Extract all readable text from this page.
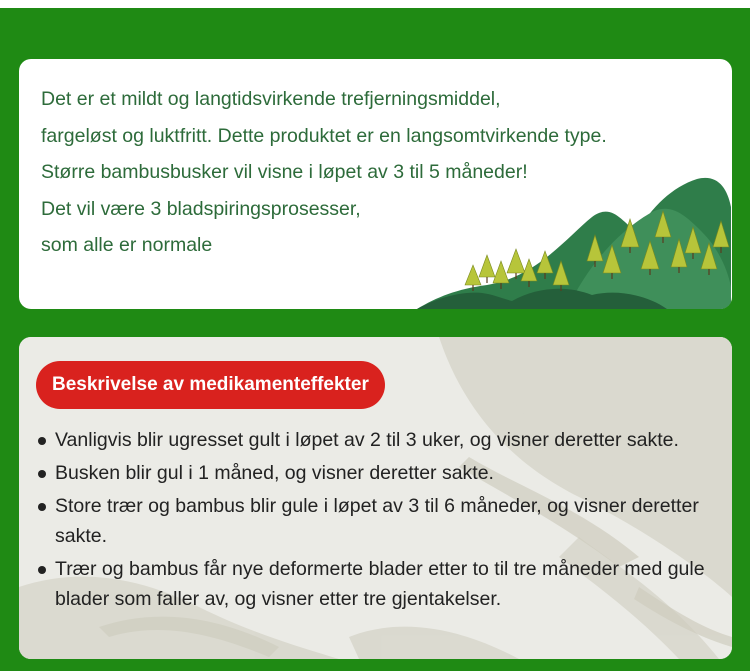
Det er et mildt og langtidsvirkende trefjerningsmiddel,
fargeløst og luktfritt. Dette produktet er en langsomtvirkende type.
Større bambusbusker vil visne i løpet av 3 til 5 måneder!
Det vil være 3 bladspiringsprosesser,
som alle er normale
Beskrivelse av medikamenteffekter
Vanligvis blir ugresset gult i løpet av 2 til 3 uker, og visner deretter sakte.
Busken blir gul i 1 måned, og visner deretter sakte.
Store trær og bambus blir gule i løpet av 3 til 6 måneder, og visner deretter sakte.
Trær og bambus får nye deformerte blader etter to til tre måneder med gule blader som faller av, og visner etter tre gjentakelser.
